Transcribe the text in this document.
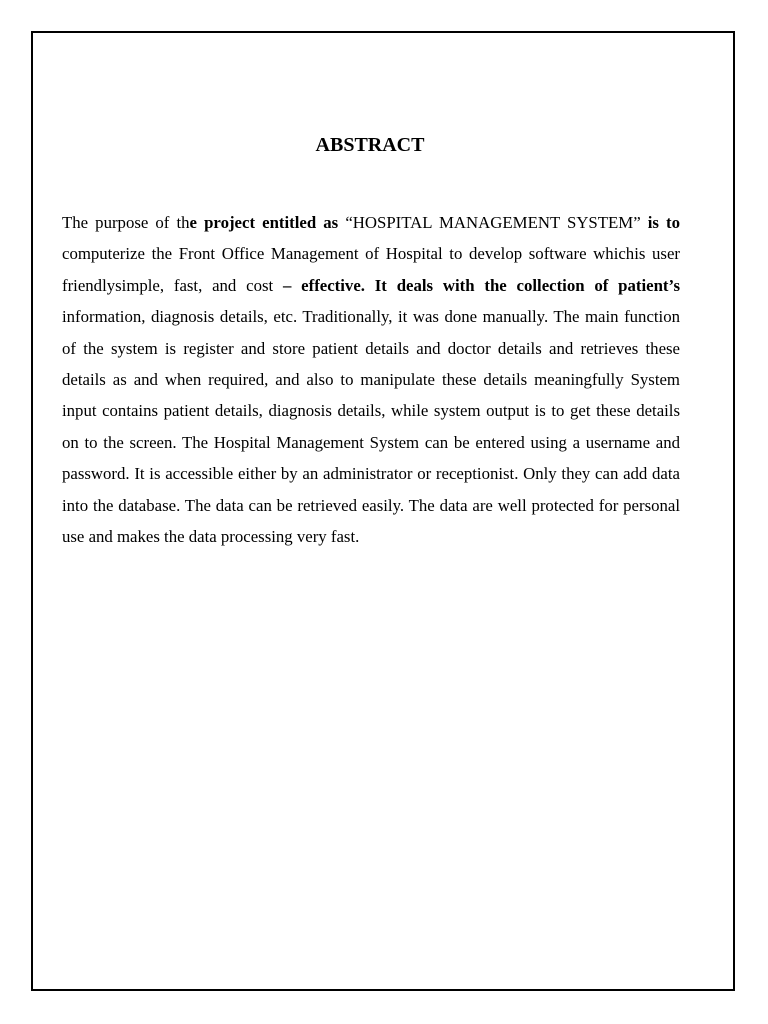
ABSTRACT

The purpose of the project entitled as “HOSPITAL MANAGEMENT SYSTEM” is to computerize the Front Office Management of Hospital to develop software whichis user friendlysimple, fast, and cost – effective. It deals with the collection of patient’s information, diagnosis details, etc. Traditionally, it was done manually. The main function of the system is register and store patient details and doctor details and retrieves these details as and when required, and also to manipulate these details meaningfully System input contains patient details, diagnosis details, while system output is to get these details on to the screen. The Hospital Management System can be entered using a username and password. It is accessible either by an administrator or receptionist. Only they can add data into the database. The data can be retrieved easily. The data are well protected for personal use and makes the data processing very fast.
